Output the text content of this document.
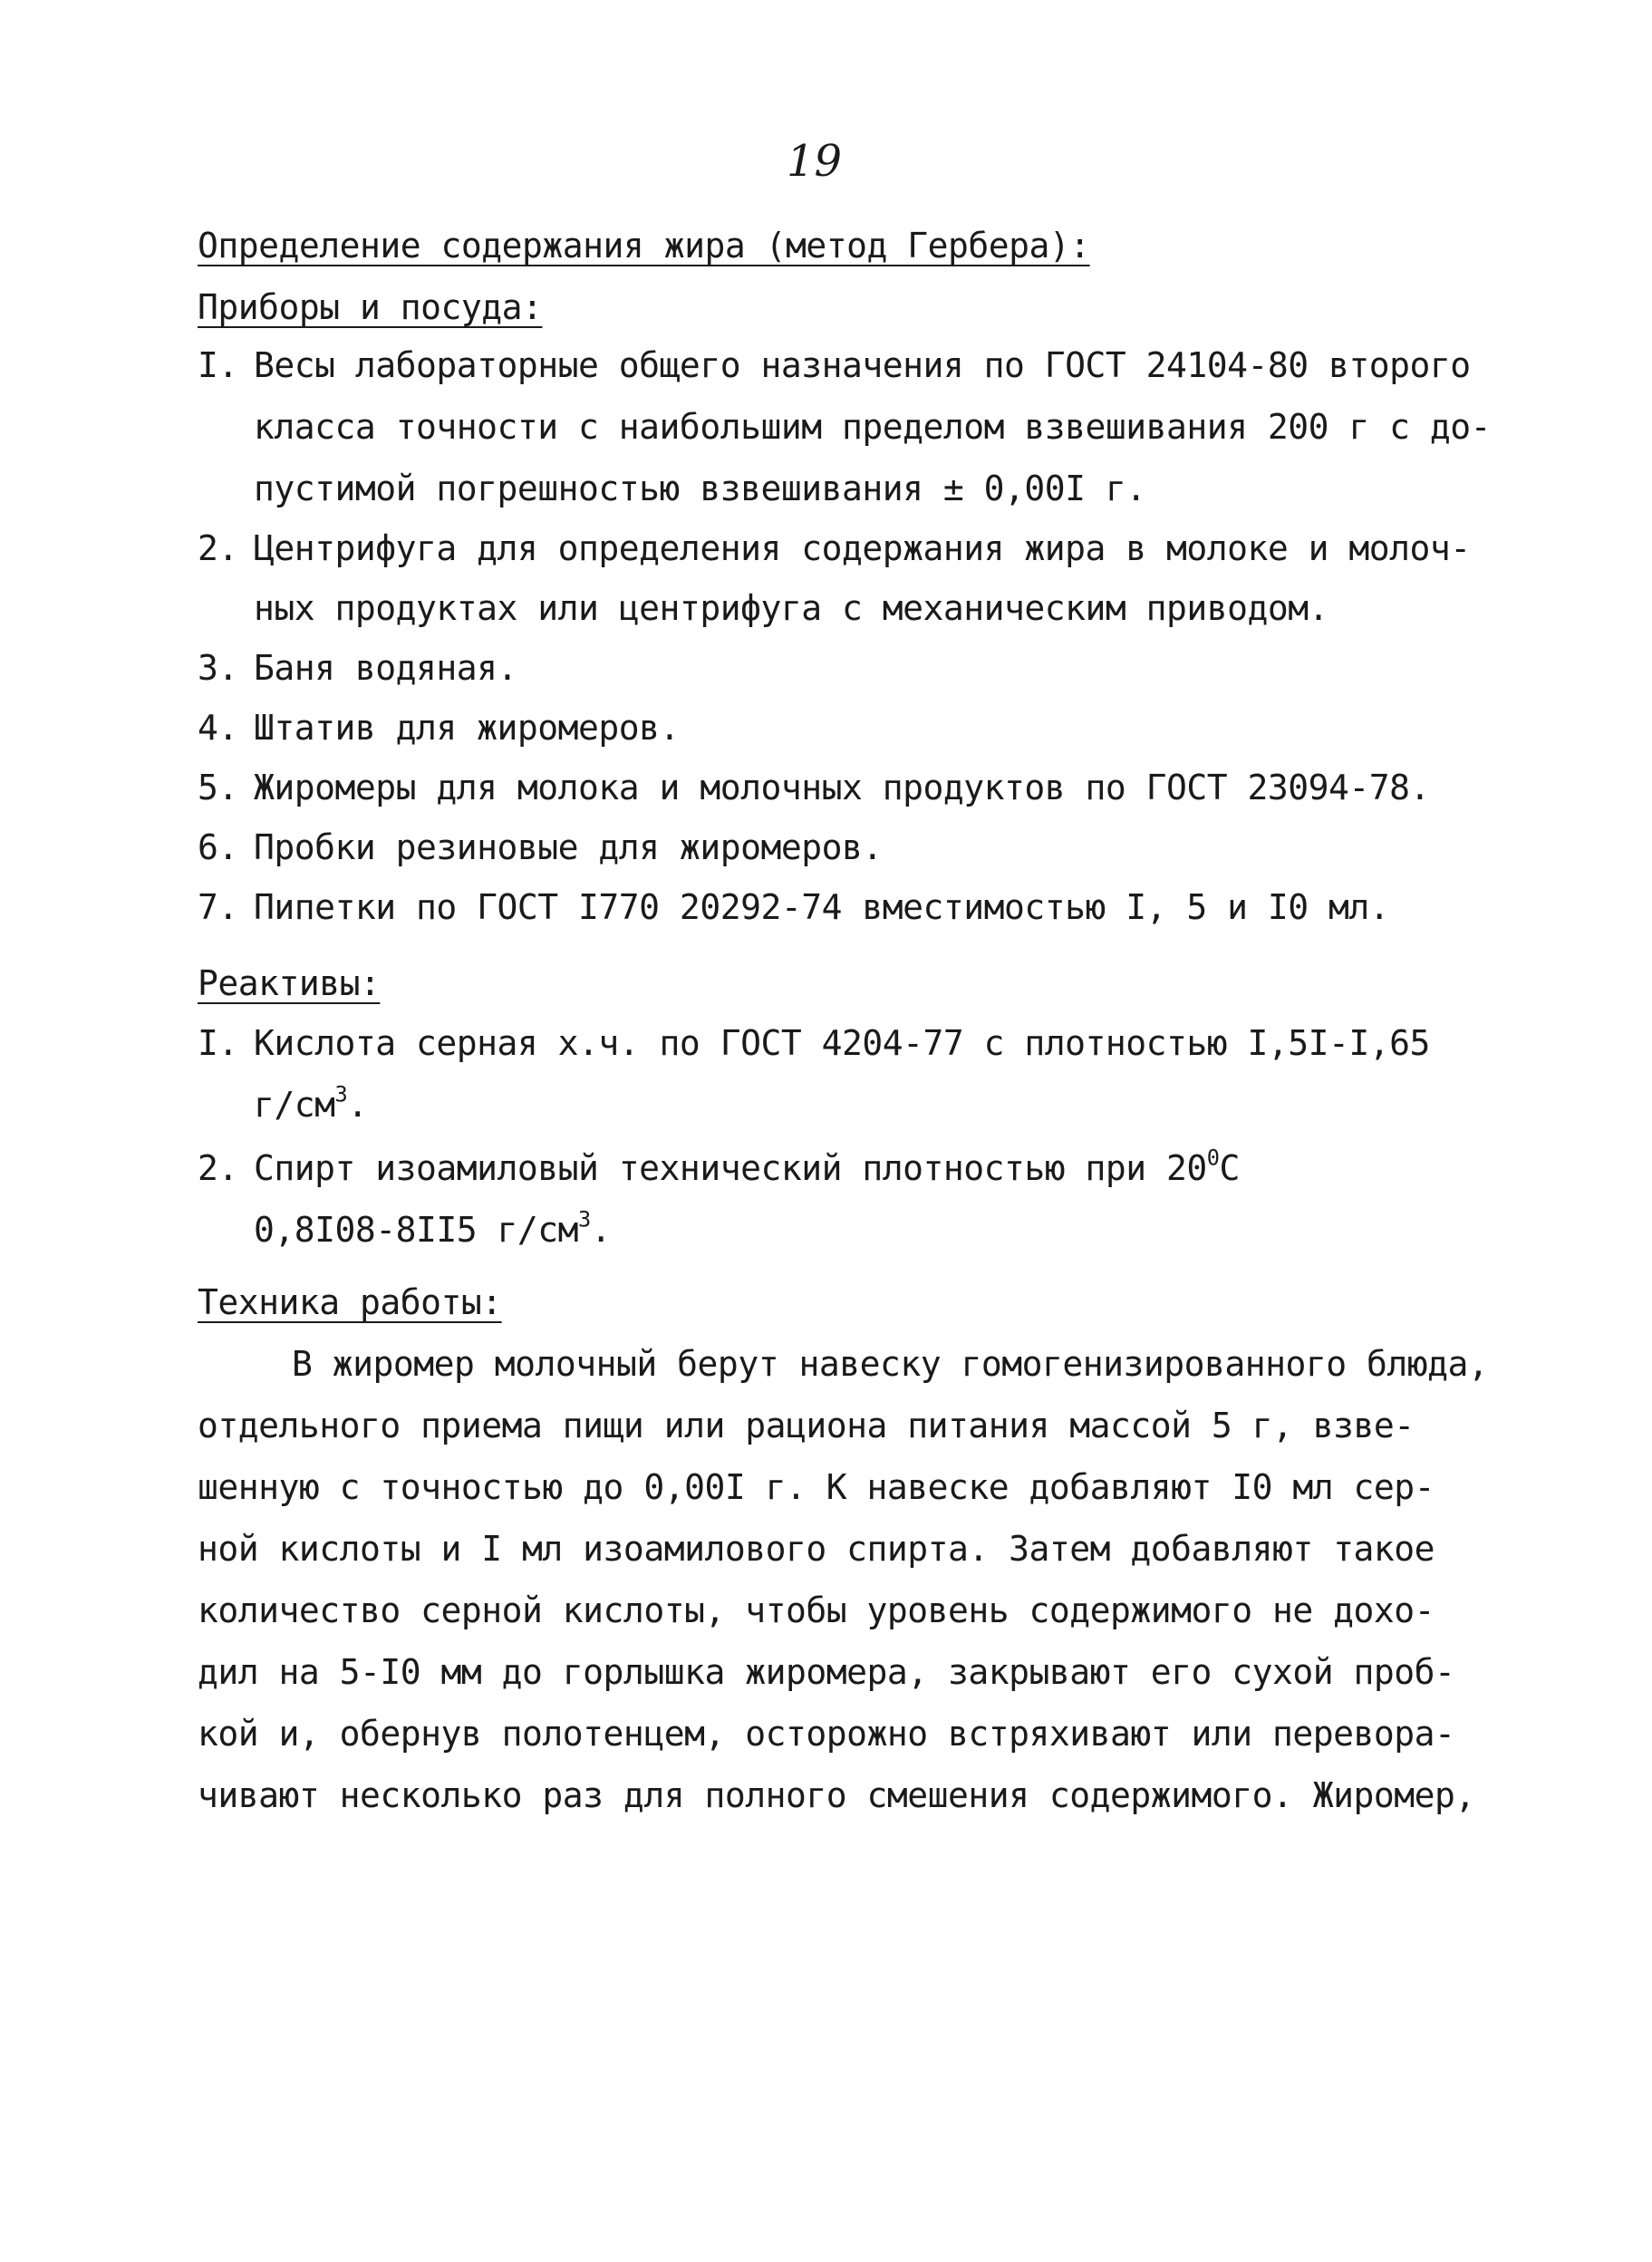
19
Определение содержания жира (метод Гербера):
Приборы и посуда:
I. Весы лабораторные общего назначения по ГОСТ 24104-80 второго
класса точности с наибольшим пределом взвешивания 200 г с до-
пустимой погрешностью взвешивания ± 0,00I г.
2. Центрифуга для определения содержания жира в молоке и молоч-
ных продуктах или центрифуга с механическим приводом.
3. Баня водяная.
4. Штатив для жиромеров.
5. Жиромеры для молока и молочных продуктов по ГОСТ 23094-78.
6. Пробки резиновые для жиромеров.
7. Пипетки по ГОСТ I770 20292-74 вместимостью I, 5 и I0 мл.
Реактивы:
I. Кислота серная х.ч. по ГОСТ 4204-77 с плотностью I,5I-I,65
$г/см^3$.
2. Спирт изоамиловый технический плотностью при $20^0С$
0,8I08-8II5 $г/см^3$.
Техника работы:
В жиромер молочный берут навеску гомогенизированного блюда,
отдельного приема пищи или рациона питания массой 5 г, взве-
шенную с точностью до 0,00I г. К навеске добавляют I0 мл сер-
ной кислоты и I мл изоамилового спирта. Затем добавляют такое
количество серной кислоты, чтобы уровень содержимого не дохо-
дил на 5-I0 мм до горлышка жиромера, закрывают его сухой проб-
кой и, обернув полотенцем, осторожно встряхивают или перевора-
чивают несколько раз для полного смешения содержимого. Жиромер,
